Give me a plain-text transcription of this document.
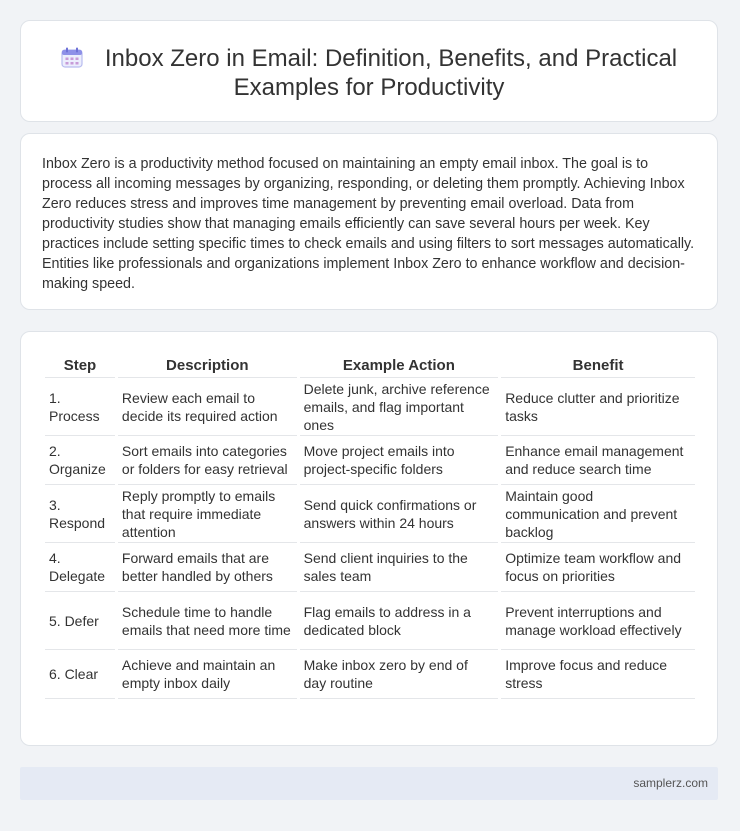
Inbox Zero in Email: Definition, Benefits, and Practical
Examples for Productivity

Inbox Zero is a productivity method focused on maintaining an empty email inbox. The goal is to process all incoming messages by organizing, responding, or deleting them promptly. Achieving Inbox Zero reduces stress and improves time management by preventing email overload. Data from productivity studies show that managing emails efficiently can save several hours per week. Key practices include setting specific times to check emails and using filters to sort messages automatically. Entities like professionals and organizations implement Inbox Zero to enhance workflow and decision-making speed.

Step	Description	Example Action	Benefit
1. Process	Review each email to decide its required action	Delete junk, archive reference emails, and flag important ones	Reduce clutter and prioritize tasks
2. Organize	Sort emails into categories or folders for easy retrieval	Move project emails into project-specific folders	Enhance email management and reduce search time
3. Respond	Reply promptly to emails that require immediate attention	Send quick confirmations or answers within 24 hours	Maintain good communication and prevent backlog
4. Delegate	Forward emails that are better handled by others	Send client inquiries to the sales team	Optimize team workflow and focus on priorities
5. Defer	Schedule time to handle emails that need more time	Flag emails to address in a dedicated block	Prevent interruptions and manage workload effectively
6. Clear	Achieve and maintain an empty inbox daily	Make inbox zero by end of day routine	Improve focus and reduce stress
samplerz.com
